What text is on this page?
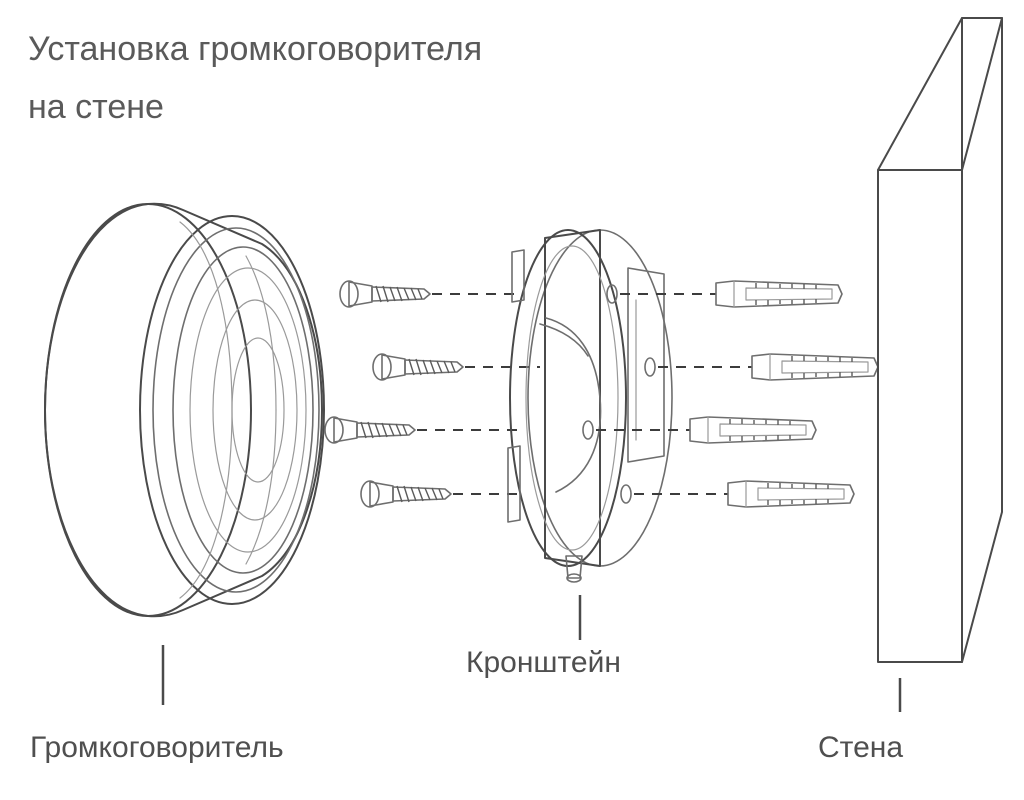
Установка громкоговорителя
на стене
Громкоговоритель
Кронштейн
Стена
